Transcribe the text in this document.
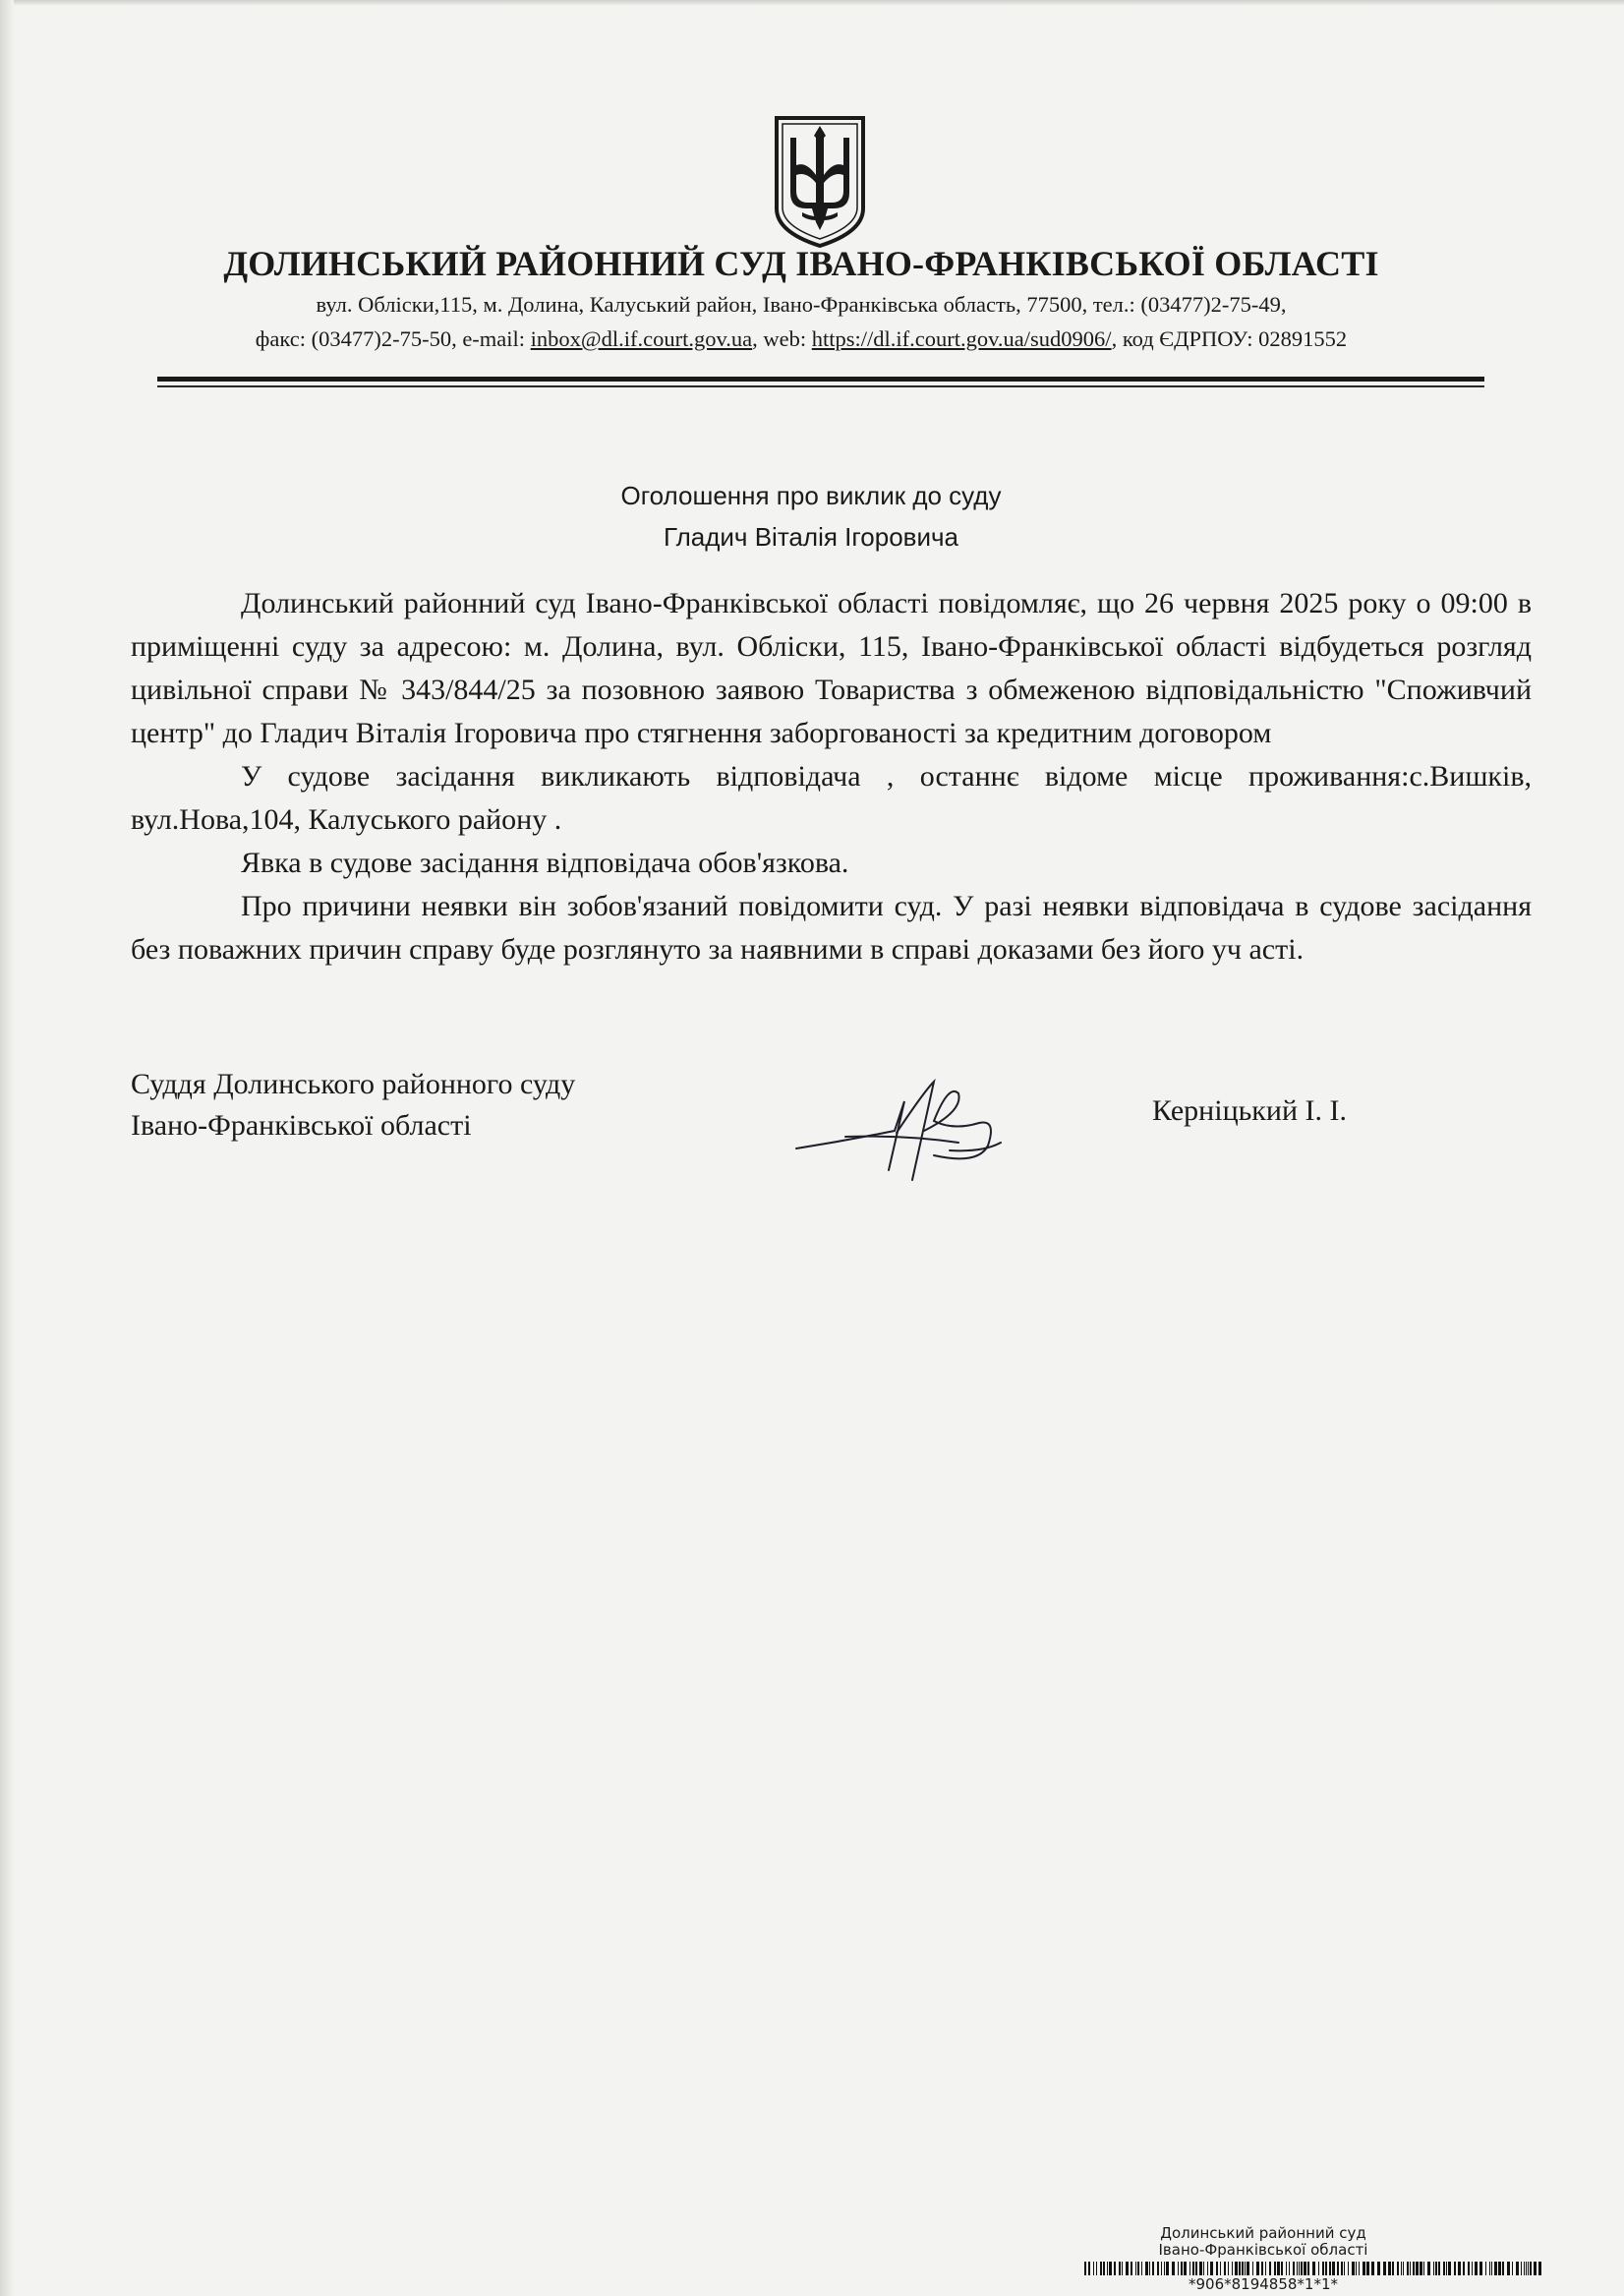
ДОЛИНСЬКИЙ РАЙОННИЙ СУД ІВАНО-ФРАНКІВСЬКОЇ ОБЛАСТІ
вул. Обліски,115, м. Долина, Калуський район, Івано-Франківська область, 77500, тел.: (03477)2-75-49,
факс: (03477)2-75-50, e-mail: inbox@dl.if.court.gov.ua, web: https://dl.if.court.gov.ua/sud0906/, код ЄДРПОУ: 02891552
Оголошення про виклик до суду
Гладич Віталія Ігоровича

Долинський районний суд Івано-Франківської області повідомляє, що 26 червня 2025 року о 09:00 в приміщенні суду за адресою: м. Долина, вул. Обліски, 115, Івано-Франківської області відбудеться розгляд цивільної справи № 343/844/25 за позовною заявою Товариства з обмеженою відповідальністю "Споживчий центр" до Гладич Віталія Ігоровича про стягнення заборгованості за кредитним договором

У судове засідання викликають відповідача , останнє відоме місце проживання:с.Вишків, вул.Нова,104, Калуського району .

Явка в судове засідання відповідача обов'язкова.

Про причини неявки він зобов'язаний повідомити суд. У разі неявки відповідача в судове засідання без поважних причин справу буде розглянуто за наявними в справі доказами без його уч асті.

Суддя Долинського районного суду
Івано-Франківської області	Керніцький І. І.
Долинський районний суд
Івано-Франківської області
*906*8194858*1*1*
